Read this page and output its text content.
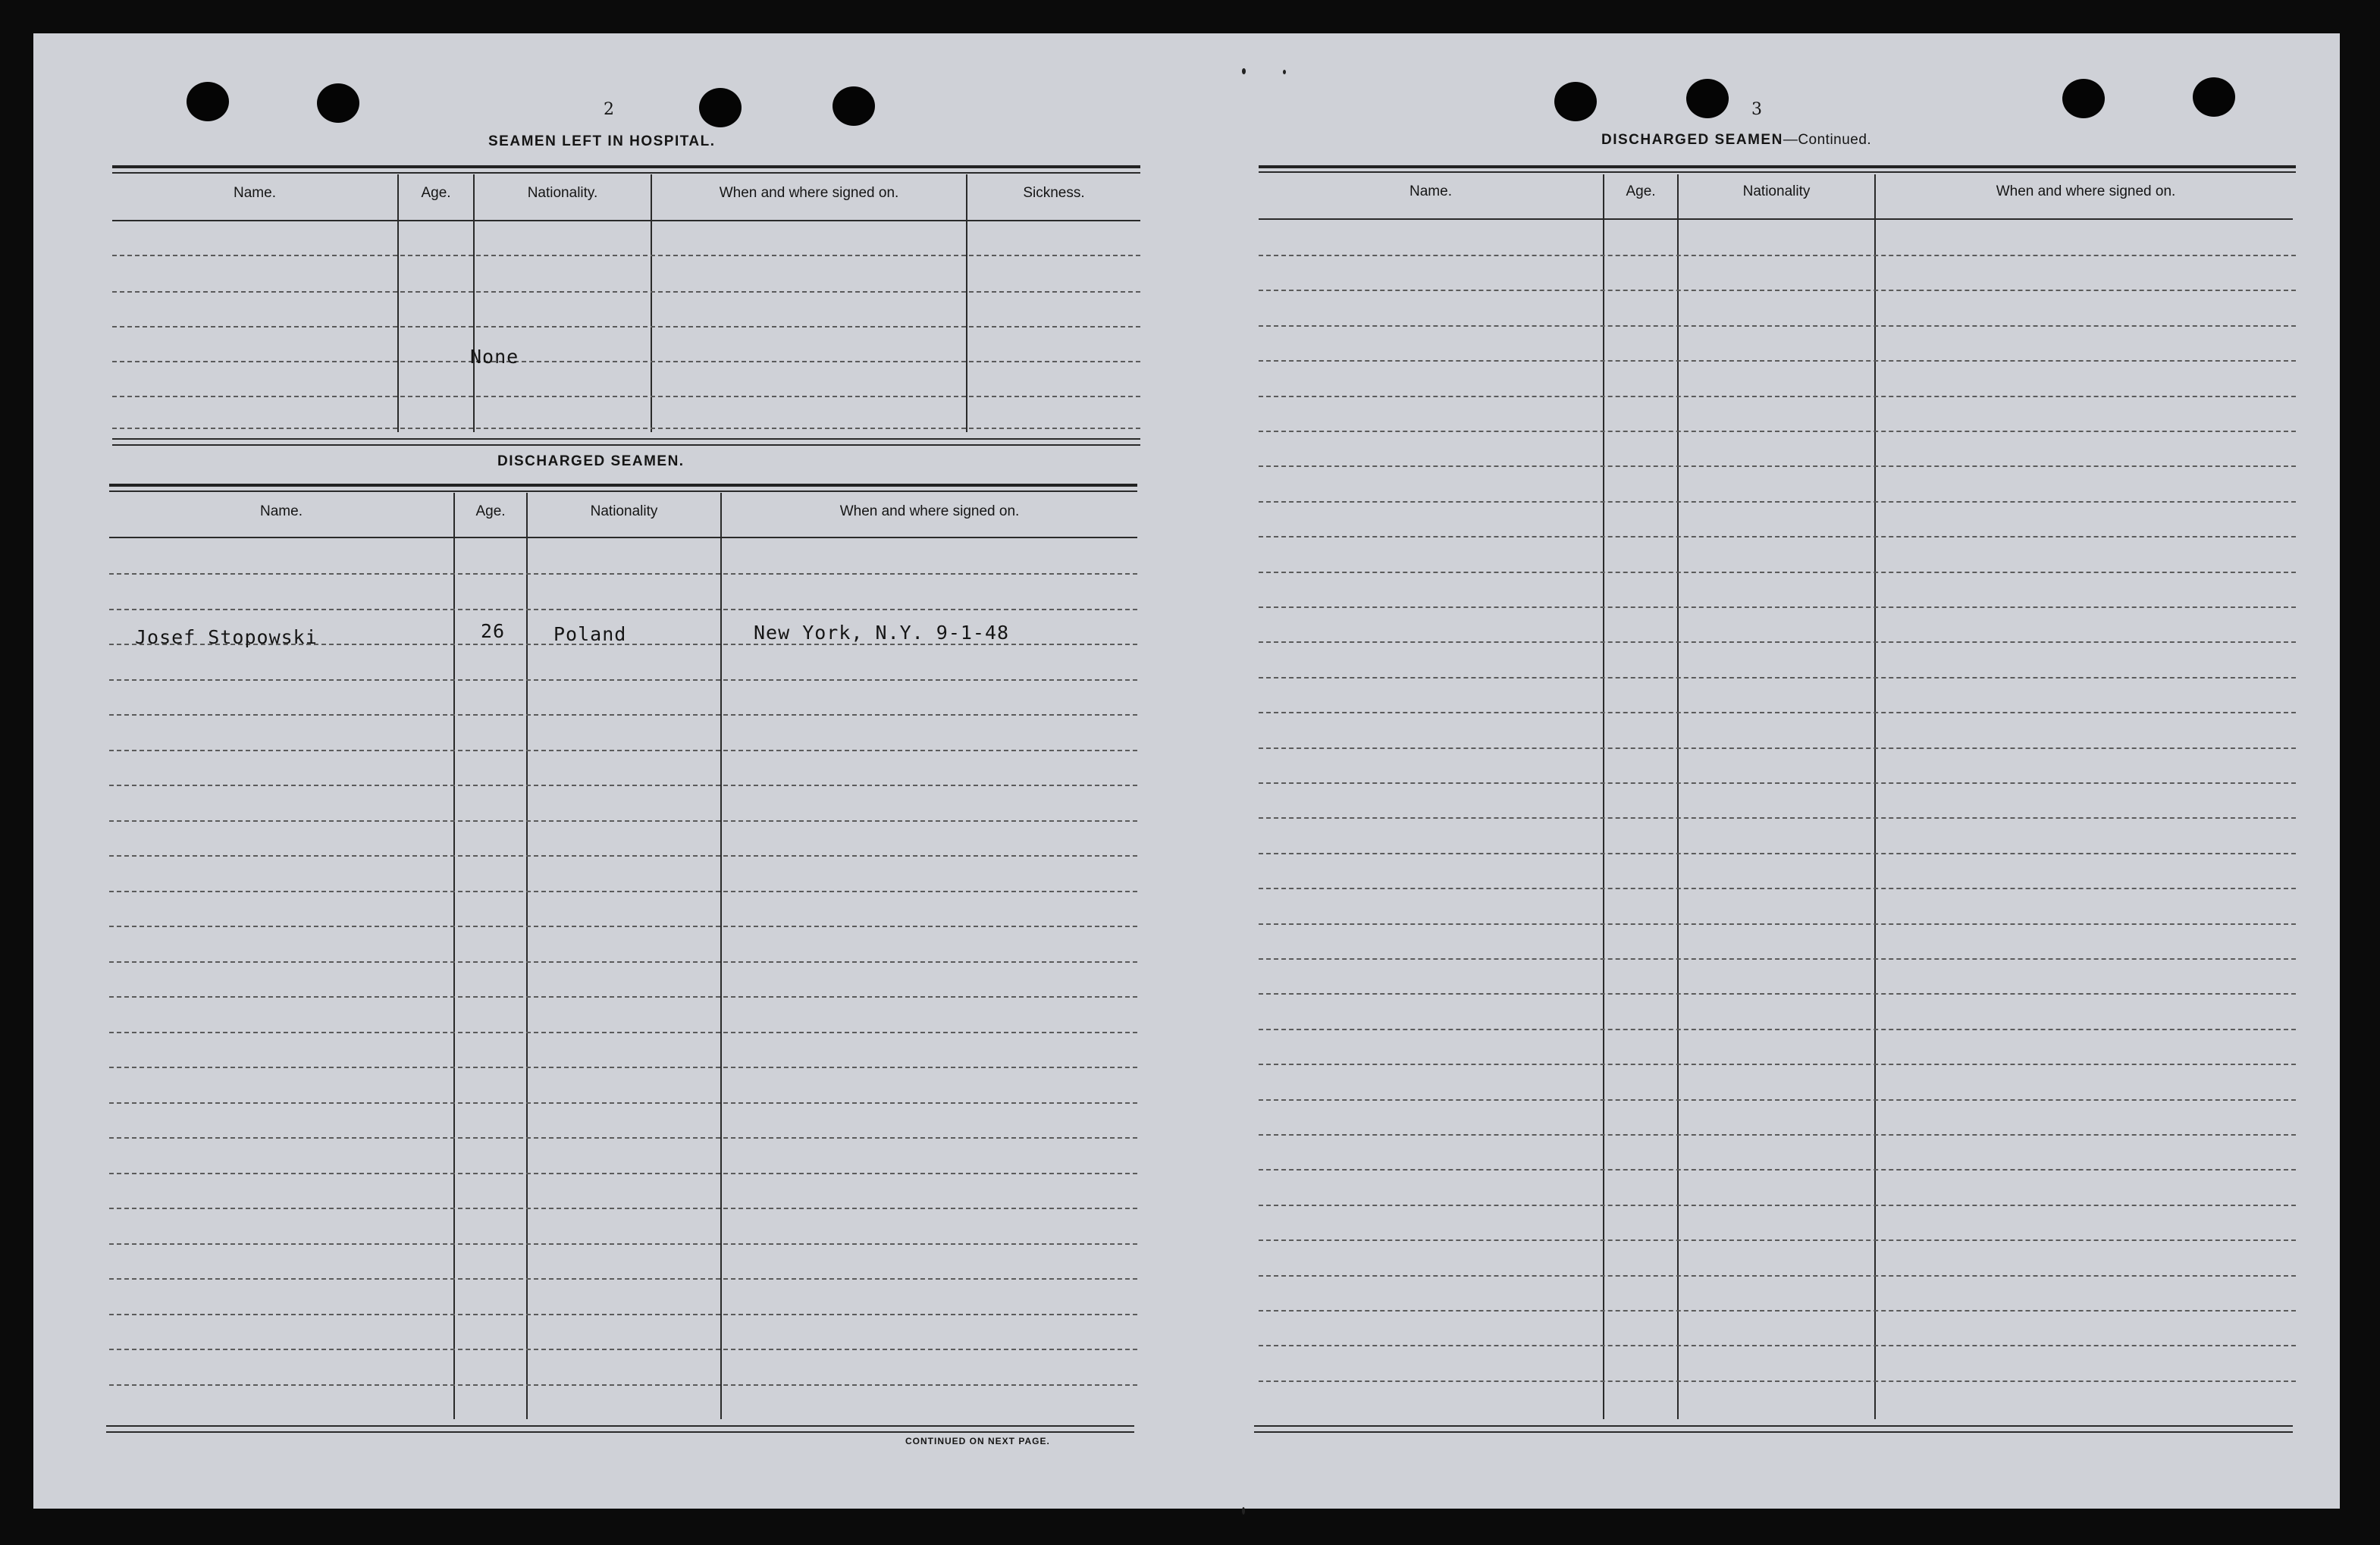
2
SEAMEN LEFT IN HOSPITAL.
Name.	Age.	Nationality.	When and where signed on.	Sickness.
None
DISCHARGED SEAMEN.
Name.	Age.	Nationality	When and where signed on.
Josef Stopowski	26	Poland	New York, N.Y. 9-1-48
CONTINUED ON NEXT PAGE.
3
DISCHARGED SEAMEN—Continued.
Name.	Age.	Nationality	When and where signed on.
